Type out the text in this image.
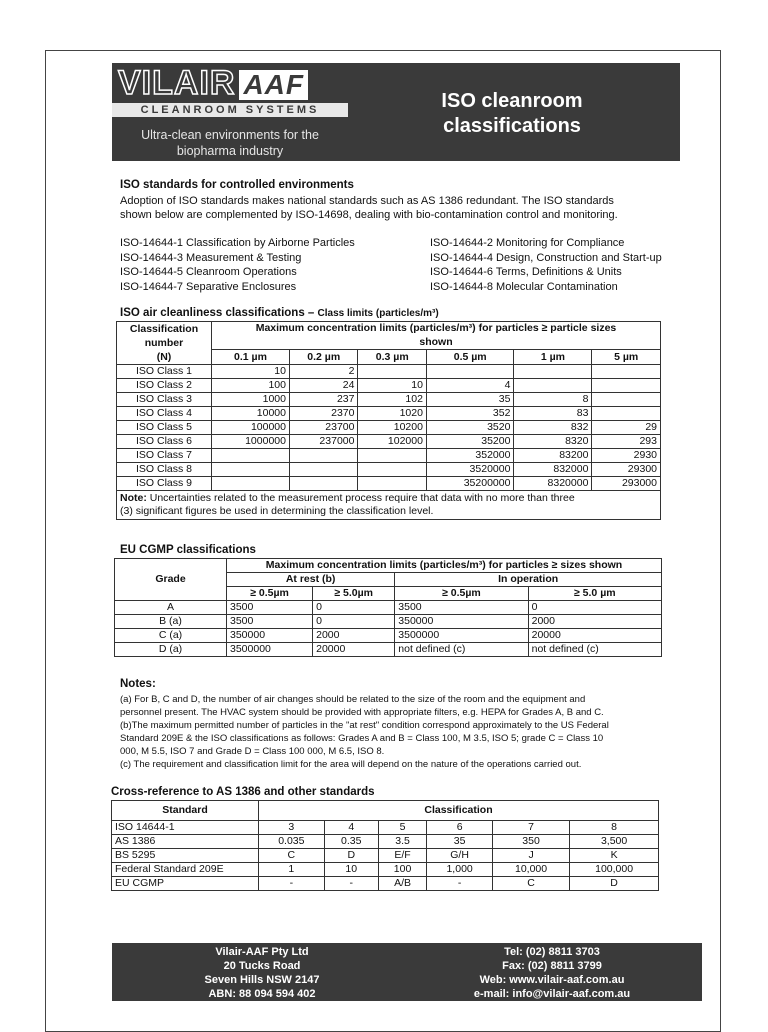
VILAIR AAF
CLEANROOM SYSTEMS
Ultra-clean environments for the
biopharma industry
ISO cleanroom
classifications
ISO standards for controlled environments
Adoption of ISO standards makes national standards such as AS 1386 redundant. The ISO standards
shown below are complemented by ISO-14698, dealing with bio-contamination control and monitoring.
ISO-14644-1 Classification by Airborne Particles
ISO-14644-3 Measurement & Testing
ISO-14644-5 Cleanroom Operations
ISO-14644-7 Separative Enclosures
ISO-14644-2 Monitoring for Compliance
ISO-14644-4 Design, Construction and Start-up
ISO-14644-6 Terms, Definitions & Units
ISO-14644-8 Molecular Contamination
ISO air cleanliness classifications – Class limits (particles/m³)
Classification
number
(N)	Maximum concentration limits (particles/m³) for particles ≥ particle sizes					
	shown					
	0.1 µm	0.2 µm	0.3 µm	0.5 µm	1 µm	5 µm
ISO Class 1	10	2				
ISO Class 2	100	24	10	4		
ISO Class 3	1000	237	102	35	8	
ISO Class 4	10000	2370	1020	352	83	
ISO Class 5	100000	23700	10200	3520	832	29
ISO Class 6	1000000	237000	102000	35200	8320	293
ISO Class 7				352000	83200	2930
ISO Class 8				3520000	832000	29300
ISO Class 9				35200000	8320000	293000
Note: Uncertainties related to the measurement process require that data with no more than three
(3) significant figures be used in determining the classification level.						
EU CGMP classifications
Grade	Maximum concentration limits (particles/m³) for particles ≥ sizes shown			
	At rest (b)		In operation	
	≥ 0.5µm	≥ 5.0µm	≥ 0.5µm	≥ 5.0 µm
A	3500	0	3500	0
B (a)	3500	0	350000	2000
C (a)	350000	2000	3500000	20000
D (a)	3500000	20000	not defined (c)	not defined (c)
Notes:
(a) For B, C and D, the number of air changes should be related to the size of the room and the equipment and
personnel present. The HVAC system should be provided with appropriate filters, e.g. HEPA for Grades A, B and C.
(b)The maximum permitted number of particles in the "at rest" condition correspond approximately to the US Federal
Standard 209E & the ISO classifications as follows: Grades A and B = Class 100, M 3.5, ISO 5; grade C = Class 10
000, M 5.5, ISO 7 and Grade D = Class 100 000, M 6.5, ISO 8.
(c) The requirement and classification limit for the area will depend on the nature of the operations carried out.
Cross-reference to AS 1386 and other standards
Standard	Classification					
ISO 14644-1	3	4	5	6	7	8
AS 1386	0.035	0.35	3.5	35	350	3,500
BS 5295	C	D	E/F	G/H	J	K
Federal Standard 209E	1	10	100	1,000	10,000	100,000
EU CGMP	-	-	A/B	-	C	D
Vilair-AAF Pty Ltd
20 Tucks Road
Seven Hills NSW 2147
ABN: 88 094 594 402
Tel: (02) 8811 3703
Fax: (02) 8811 3799
Web: www.vilair-aaf.com.au
e-mail: info@vilair-aaf.com.au
